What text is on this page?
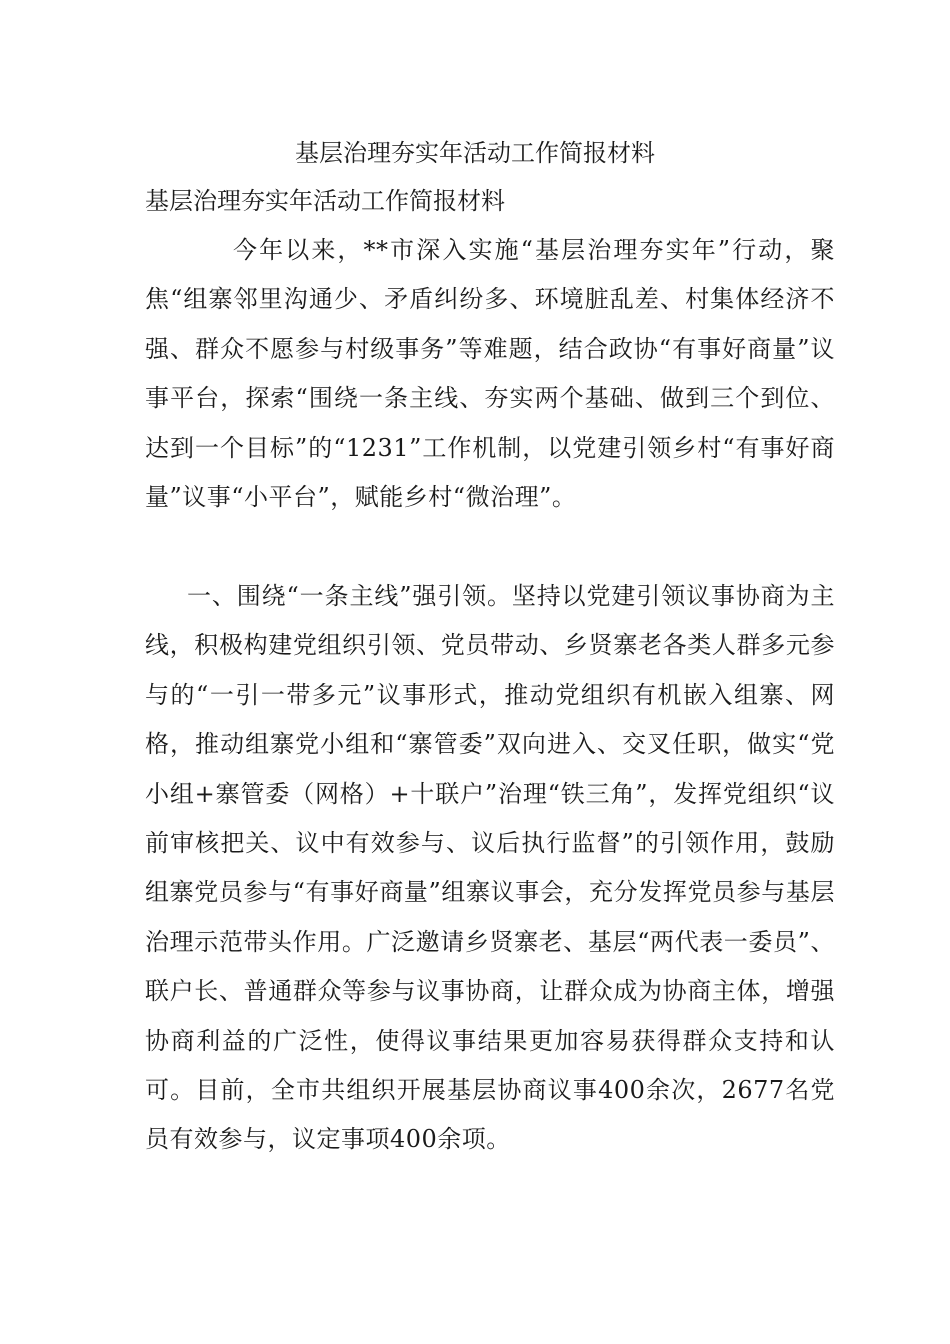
基层治理夯实年活动工作简报材料
基层治理夯实年活动工作简报材料

今年以来，**市深入实施“基层治理夯实年”行动，聚焦“组寨邻里沟通少、矛盾纠纷多、环境脏乱差、村集体经济不强、群众不愿参与村级事务”等难题，结合政协“有事好商量”议事平台，探索“围绕一条主线、夯实两个基础、做到三个到位、达到一个目标”的“1231”工作机制，以党建引领乡村“有事好商量”议事“小平台”，赋能乡村“微治理”。

一、围绕“一条主线”强引领。坚持以党建引领议事协商为主线，积极构建党组织引领、党员带动、乡贤寨老各类人群多元参与的“一引一带多元”议事形式，推动党组织有机嵌入组寨、网格，推动组寨党小组和“寨管委”双向进入、交叉任职，做实“党小组+寨管委（网格）+十联户”治理“铁三角”，发挥党组织“议前审核把关、议中有效参与、议后执行监督”的引领作用，鼓励组寨党员参与“有事好商量”组寨议事会，充分发挥党员参与基层治理示范带头作用。广泛邀请乡贤寨老、基层“两代表一委员”、联户长、普通群众等参与议事协商，让群众成为协商主体，增强协商利益的广泛性，使得议事结果更加容易获得群众支持和认可。目前，全市共组织开展基层协商议事400余次，2677名党员有效参与，议定事项400余项。
